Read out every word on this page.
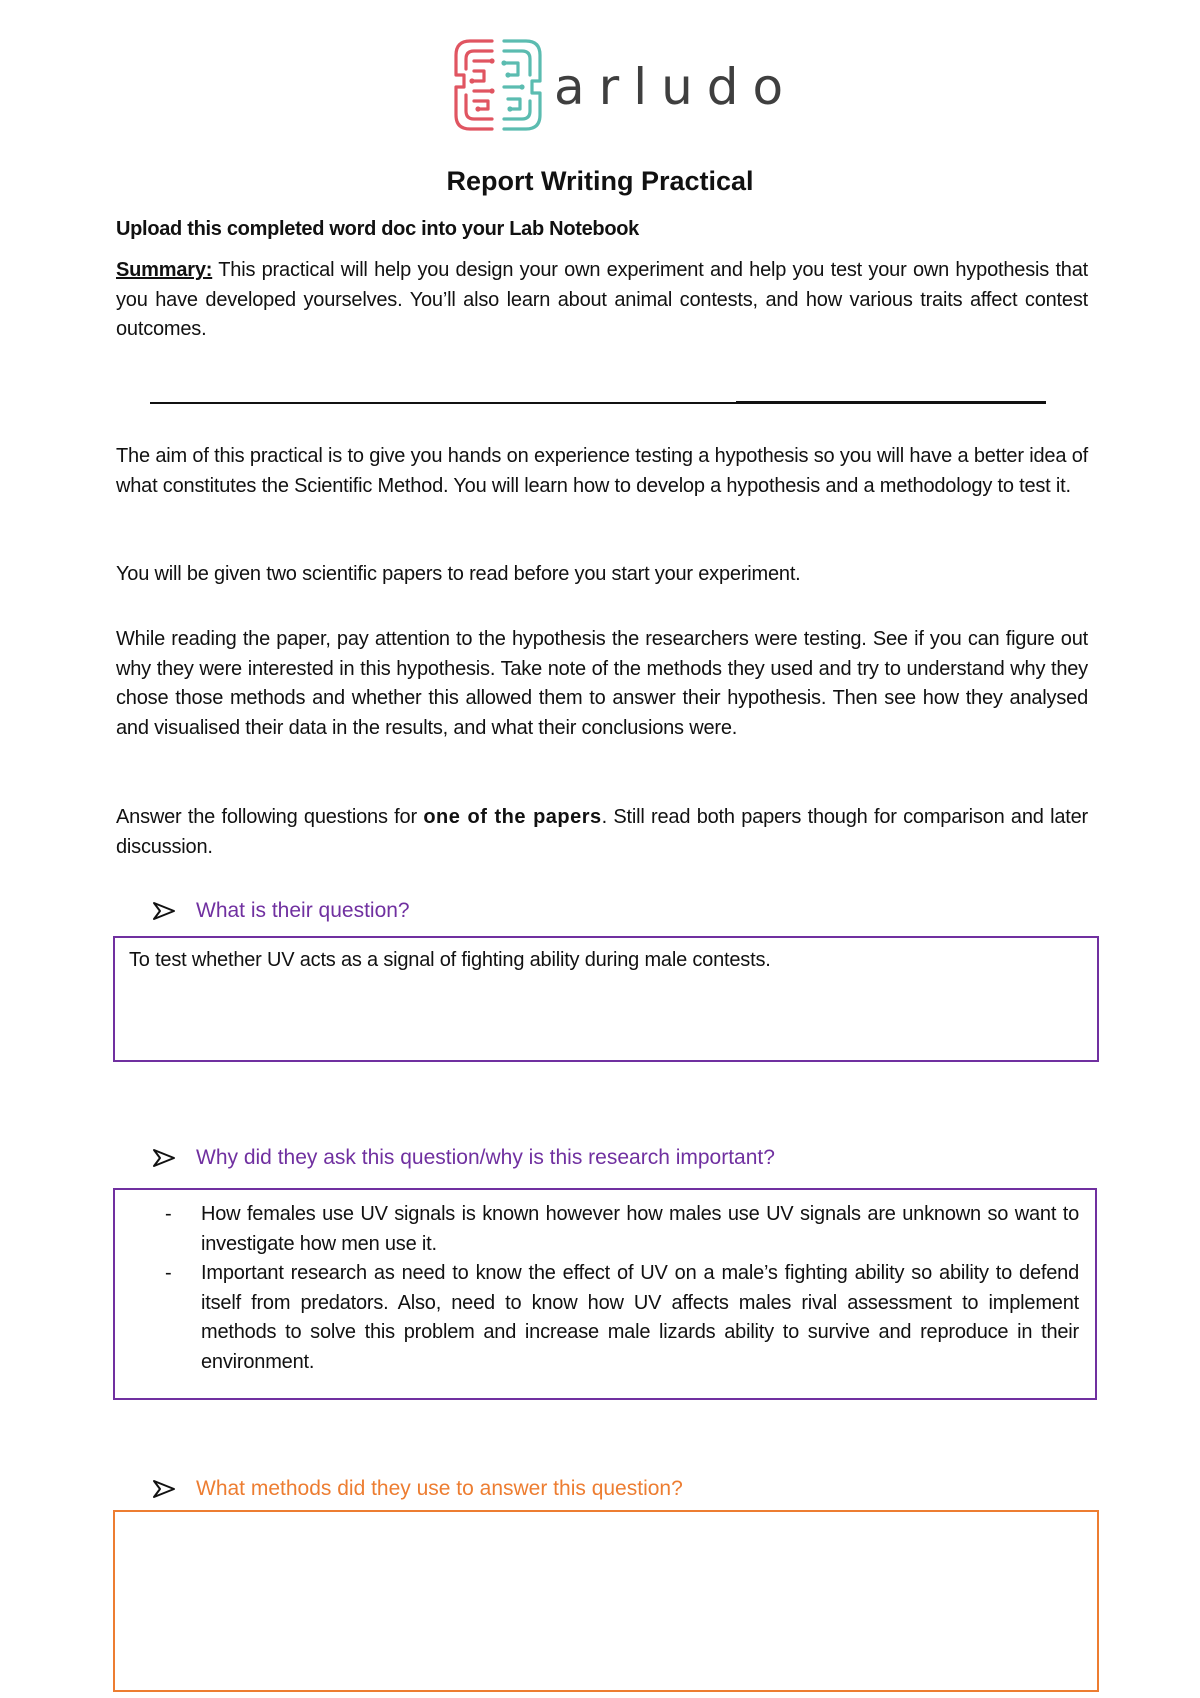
arludo
Report Writing Practical
Upload this completed word doc into your Lab Notebook
Summary: This practical will help you design your own experiment and help you test your own hypothesis that you have developed yourselves. You’ll also learn about animal contests, and how various traits affect contest outcomes.
The aim of this practical is to give you hands on experience testing a hypothesis so you will have a better idea of what constitutes the Scientific Method. You will learn how to develop a hypothesis and a methodology to test it.
You will be given two scientific papers to read before you start your experiment.
While reading the paper, pay attention to the hypothesis the researchers were testing. See if you can figure out why they were interested in this hypothesis. Take note of the methods they used and try to understand why they chose those methods and whether this allowed them to answer their hypothesis. Then see how they analysed and visualised their data in the results, and what their conclusions were.
Answer the following questions for one of the papers. Still read both papers though for comparison and later discussion.
What is their question?
To test whether UV acts as a signal of fighting ability during male contests.
Why did they ask this question/why is this research important?
- How females use UV signals is known however how males use UV signals are unknown so want to investigate how men use it.
- Important research as need to know the effect of UV on a male’s fighting ability so ability to defend itself from predators. Also, need to know how UV affects males rival assessment to implement methods to solve this problem and increase male lizards ability to survive and reproduce in their environment.
What methods did they use to answer this question?
